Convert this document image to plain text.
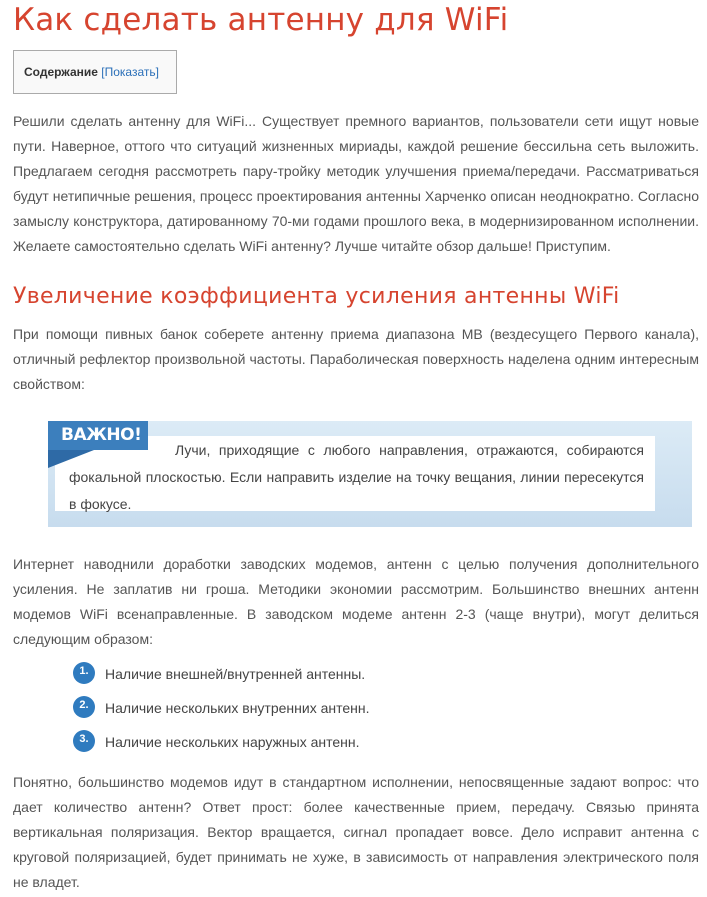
Как сделать антенну для WiFi
Содержание [Показать]

Решили сделать антенну для WiFi... Существует премного вариантов, пользователи сети ищут новые пути. Наверное, оттого что ситуаций жизненных мириады, каждой решение бессильна сеть выложить. Предлагаем сегодня рассмотреть пару-тройку методик улучшения приема/передачи. Рассматриваться будут нетипичные решения, процесс проектирования антенны Харченко описан неоднократно. Согласно замыслу конструктора, датированному 70-ми годами прошлого века, в модернизированном исполнении. Желаете самостоятельно сделать WiFi антенну? Лучше читайте обзор дальше! Приступим.

Увеличение коэффициента усиления антенны WiFi

При помощи пивных банок соберете антенну приема диапазона МВ (вездесущего Первого канала), отличный рефлектор произвольной частоты. Параболическая поверхность наделена одним интересным свойством:

Лучи, приходящие с любого направления, отражаются, собираются фокальной плоскостью. Если направить изделие на точку вещания, линии пересекутся в фокусе.

ВАЖНО!

Интернет наводнили доработки заводских модемов, антенн с целью получения дополнительного усиления. Не заплатив ни гроша. Методики экономии рассмотрим. Большинство внешних антенн модемов WiFi всенаправленные. В заводском модеме антенн 2-3 (чаще внутри), могут делиться следующим образом:

1.	Наличие внешней/внутренней антенны.
2.	Наличие нескольких внутренних антенн.
3.	Наличие нескольких наружных антенн.

Понятно, большинство модемов идут в стандартном исполнении, непосвященные задают вопрос: что дает количество антенн? Ответ прост: более качественные прием, передачу. Связью принята вертикальная поляризация. Вектор вращается, сигнал пропадает вовсе. Дело исправит антенна с круговой поляризацией, будет принимать не хуже, в зависимость от направления электрического поля не владет.
